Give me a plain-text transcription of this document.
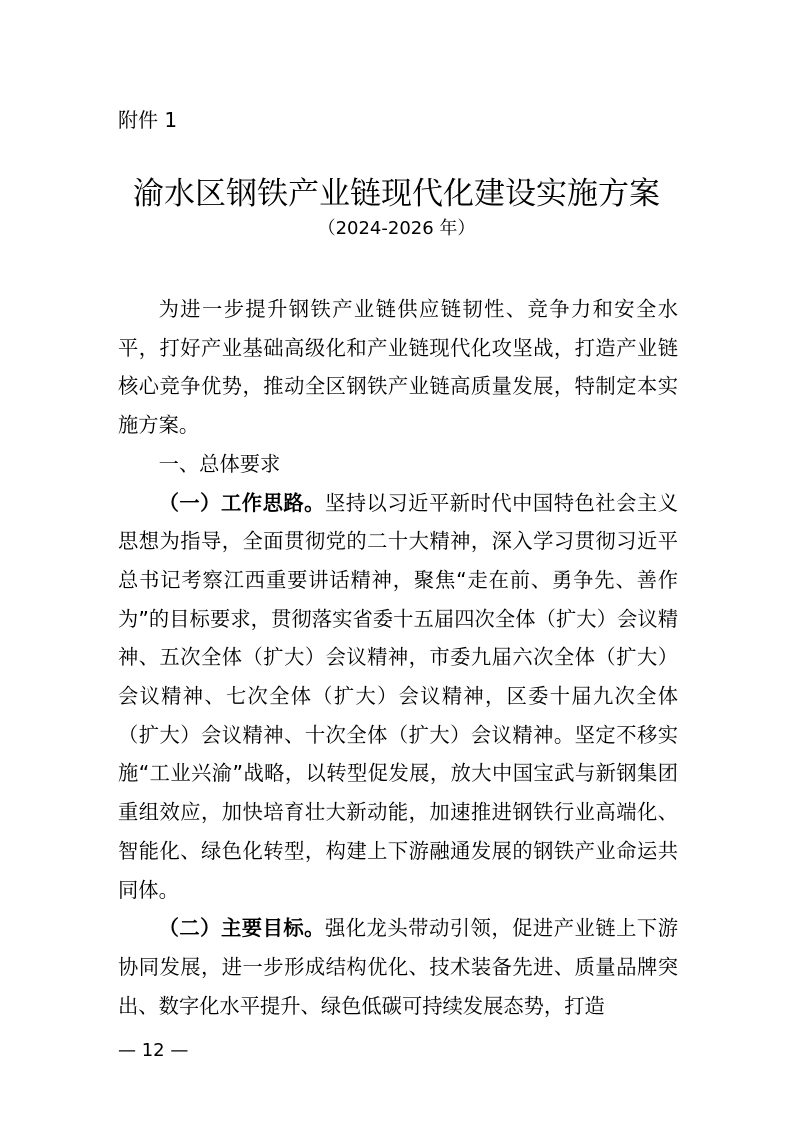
附件 1
渝水区钢铁产业链现代化建设实施方案
（2024-2026 年）

为进一步提升钢铁产业链供应链韧性、竞争力和安全水平，打好产业基础高级化和产业链现代化攻坚战，打造产业链核心竞争优势，推动全区钢铁产业链高质量发展，特制定本实施方案。

一、总体要求

（一）工作思路。坚持以习近平新时代中国特色社会主义思想为指导，全面贯彻党的二十大精神，深入学习贯彻习近平总书记考察江西重要讲话精神，聚焦“走在前、勇争先、善作为”的目标要求，贯彻落实省委十五届四次全体（扩大）会议精神、五次全体（扩大）会议精神，市委九届六次全体（扩大）会议精神、七次全体（扩大）会议精神，区委十届九次全体（扩大）会议精神、十次全体（扩大）会议精神。坚定不移实施“工业兴渝”战略，以转型促发展，放大中国宝武与新钢集团重组效应，加快培育壮大新动能，加速推进钢铁行业高端化、智能化、绿色化转型，构建上下游融通发展的钢铁产业命运共同体。

（二）主要目标。强化龙头带动引领，促进产业链上下游协同发展，进一步形成结构优化、技术装备先进、质量品牌突出、数字化水平提升、绿色低碳可持续发展态势，打造

— 12 —
